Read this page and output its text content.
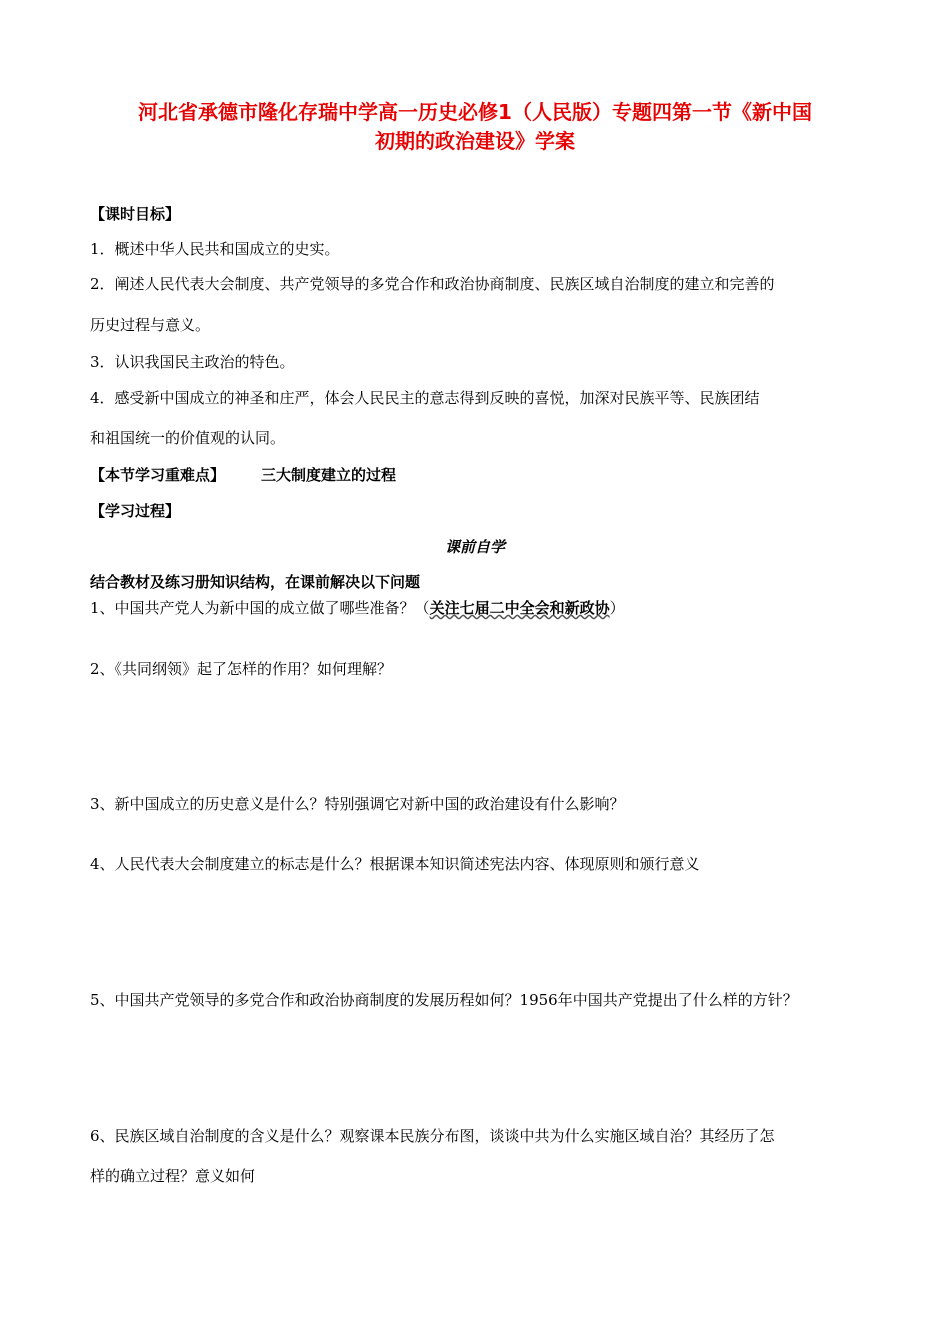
河北省承德市隆化存瑞中学高一历史必修1（人民版）专题四第一节《新中国
初期的政治建设》学案
【课时目标】
1．概述中华人民共和国成立的史实。
2．阐述人民代表大会制度、共产党领导的多党合作和政治协商制度、民族区域自治制度的建立和完善的
历史过程与意义。
3．认识我国民主政治的特色。
4．感受新中国成立的神圣和庄严，体会人民民主的意志得到反映的喜悦，加深对民族平等、民族团结
和祖国统一的价值观的认同。
【本节学习重难点】 三大制度建立的过程
【学习过程】
课前自学
结合教材及练习册知识结构，在课前解决以下问题
1、中国共产党人为新中国的成立做了哪些准备？（关注七届二中全会和新政协）
2、《共同纲领》起了怎样的作用？如何理解？
3、新中国成立的历史意义是什么？特别强调它对新中国的政治建设有什么影响？
4、人民代表大会制度建立的标志是什么？根据课本知识简述宪法内容、体现原则和颁行意义
5、中国共产党领导的多党合作和政治协商制度的发展历程如何？1956年中国共产党提出了什么样的方针？
6、民族区域自治制度的含义是什么？观察课本民族分布图，谈谈中共为什么实施区域自治？其经历了怎
样的确立过程？意义如何
